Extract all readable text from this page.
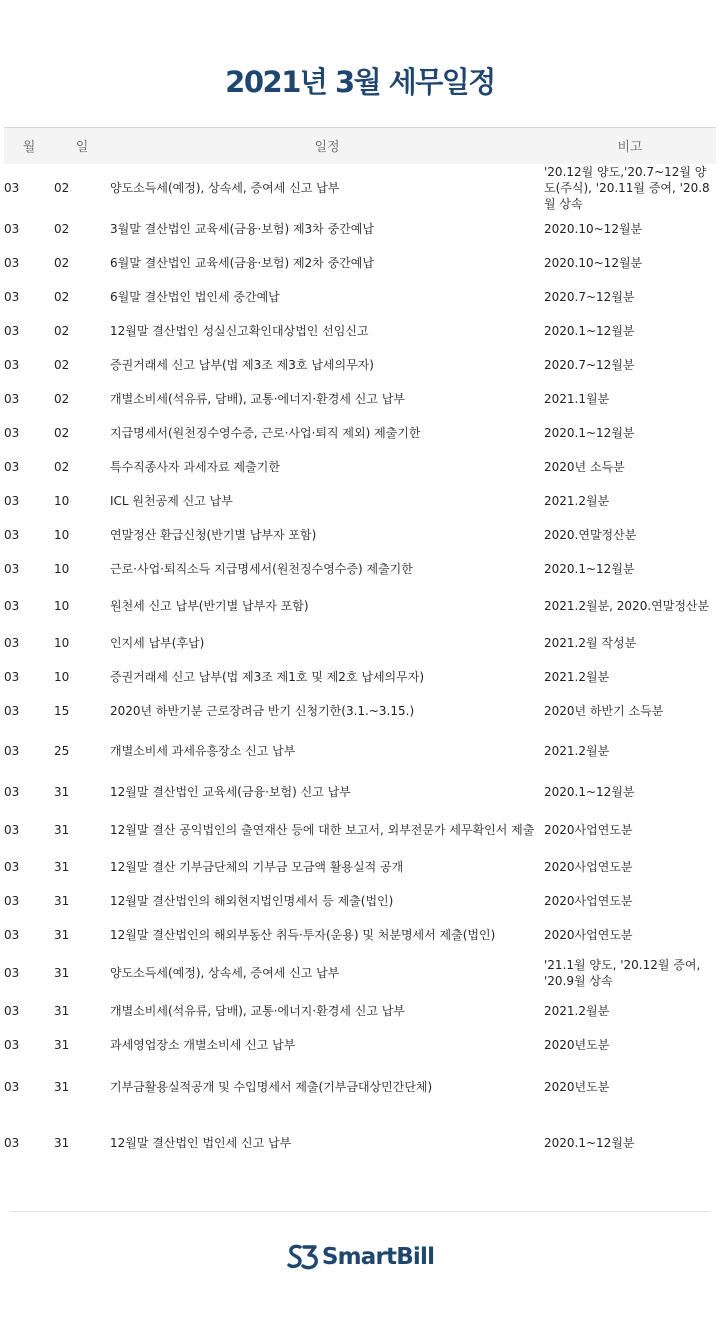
2021년 3월 세무일정
월	일	일정	비고
03	02	양도소득세(예정), 상속세, 증여세 신고 납부	'20.12월 양도,'20.7~12월 양도(주식), '20.11월 증여, '20.8월 상속
03	02	3월말 결산법인 교육세(금융·보험) 제3차 중간예납	2020.10~12월분
03	02	6월말 결산법인 교육세(금융·보험) 제2차 중간예납	2020.10~12월분
03	02	6월말 결산법인 법인세 중간예납	2020.7~12월분
03	02	12월말 결산법인 성실신고확인대상법인 선임신고	2020.1~12월분
03	02	증권거래세 신고 납부(법 제3조 제3호 납세의무자)	2020.7~12월분
03	02	개별소비세(석유류, 담배), 교통·에너지·환경세 신고 납부	2021.1월분
03	02	지급명세서(원천징수영수증, 근로·사업·퇴직 제외) 제출기한	2020.1~12월분
03	02	특수직종사자 과세자료 제출기한	2020년 소득분
03	10	ICL 원천공제 신고 납부	2021.2월분
03	10	연말정산 환급신청(반기별 납부자 포함)	2020.연말정산분
03	10	근로·사업·퇴직소득 지급명세서(원천징수영수증) 제출기한	2020.1~12월분
03	10	원천세 신고 납부(반기별 납부자 포함)	2021.2월분, 2020.연말정산분
03	10	인지세 납부(후납)	2021.2월 작성분
03	10	증권거래세 신고 납부(법 제3조 제1호 및 제2호 납세의무자)	2021.2월분
03	15	2020년 하반기분 근로장려금 반기 신청기한(3.1.~3.15.)	2020년 하반기 소득분
03	25	개별소비세 과세유흥장소 신고 납부	2021.2월분
03	31	12월말 결산법인 교육세(금융·보험) 신고 납부	2020.1~12월분
03	31	12월말 결산 공익법인의 출연재산 등에 대한 보고서, 외부전문가 세무확인서 제출	2020사업연도분
03	31	12월말 결산 기부금단체의 기부금 모금액 활용실적 공개	2020사업연도분
03	31	12월말 결산법인의 해외현지법인명세서 등 제출(법인)	2020사업연도분
03	31	12월말 결산법인의 해외부동산 취득·투자(운용) 및 처분명세서 제출(법인)	2020사업연도분
03	31	양도소득세(예정), 상속세, 증여세 신고 납부	'21.1월 양도, '20.12월 증여, '20.9월 상속
03	31	개별소비세(석유류, 담배), 교통·에너지·환경세 신고 납부	2021.2월분
03	31	과세영업장소 개별소비세 신고 납부	2020년도분
03	31	기부금활용실적공개 및 수입명세서 제출(기부금대상민간단체)	2020년도분
03	31	12월말 결산법인 법인세 신고 납부	2020.1~12월분
SmartBill
